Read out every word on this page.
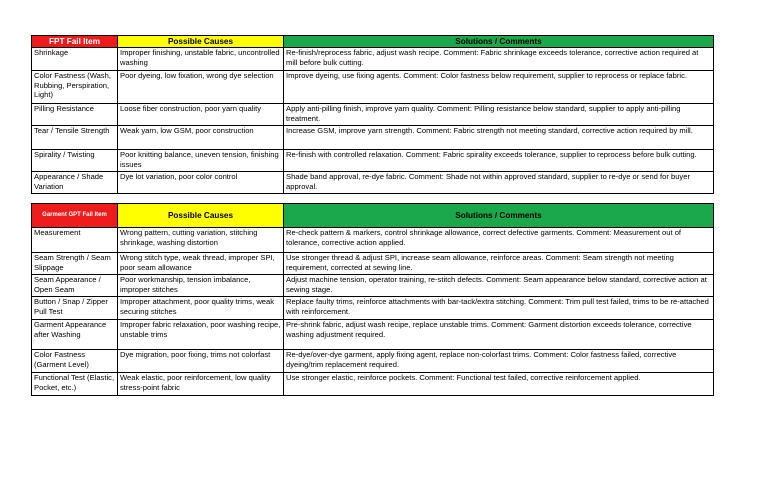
FPT Fail Item	Possible Causes	Solutions / Comments
Shrinkage	Improper finishing, unstable fabric, uncontrolled washing	Re-finish/reprocess fabric, adjust wash recipe. Comment: Fabric shrinkage exceeds tolerance, corrective action required at mill before bulk cutting.
Color Fastness (Wash, Rubbing, Perspiration, Light)	Poor dyeing, low fixation, wrong dye selection	Improve dyeing, use fixing agents. Comment: Color fastness below requirement, supplier to reprocess or replace fabric.
Pilling Resistance	Loose fiber construction, poor yarn quality	Apply anti-pilling finish, improve yarn quality. Comment: Pilling resistance below standard, supplier to apply anti-pilling treatment.
Tear / Tensile Strength	Weak yarn, low GSM, poor construction	Increase GSM, improve yarn strength. Comment: Fabric strength not meeting standard, corrective action required by mill.
Spirality / Twisting	Poor knitting balance, uneven tension, finishing issues	Re-finish with controlled relaxation. Comment: Fabric spirality exceeds tolerance, supplier to reprocess before bulk cutting.
Appearance / Shade Variation	Dye lot variation, poor color control	Shade band approval, re-dye fabric. Comment: Shade not within approved standard, supplier to re-dye or send for buyer approval.
Garment GPT Fail Item	Possible Causes	Solutions / Comments
Measurement	Wrong pattern, cutting variation, stitching shrinkage, washing distortion	Re-check pattern & markers, control shrinkage allowance, correct defective garments. Comment: Measurement out of tolerance, corrective action applied.
Seam Strength / Seam Slippage	Wrong stitch type, weak thread, improper SPI, poor seam allowance	Use stronger thread & adjust SPI, increase seam allowance, reinforce areas. Comment: Seam strength not meeting requirement, corrected at sewing line.
Seam Appearance / Open Seam	Poor workmanship, tension imbalance, improper stitches	Adjust machine tension, operator training, re-stitch defects. Comment: Seam appearance below standard, corrective action at sewing stage.
Button / Snap / Zipper Pull Test	Improper attachment, poor quality trims, weak securing stitches	Replace faulty trims, reinforce attachments with bar-tack/extra stitching. Comment: Trim pull test failed, trims to be re-attached with reinforcement.
Garment Appearance after Washing	Improper fabric relaxation, poor washing recipe, unstable trims	Pre-shrink fabric, adjust wash recipe, replace unstable trims. Comment: Garment distortion exceeds tolerance, corrective washing adjustment required.
Color Fastness (Garment Level)	Dye migration, poor fixing, trims not colorfast	Re-dye/over-dye garment, apply fixing agent, replace non-colorfast trims. Comment: Color fastness failed, corrective dyeing/trim replacement required.
Functional Test (Elastic, Pocket, etc.)	Weak elastic, poor reinforcement, low quality stress-point fabric	Use stronger elastic, reinforce pockets. Comment: Functional test failed, corrective reinforcement applied.
